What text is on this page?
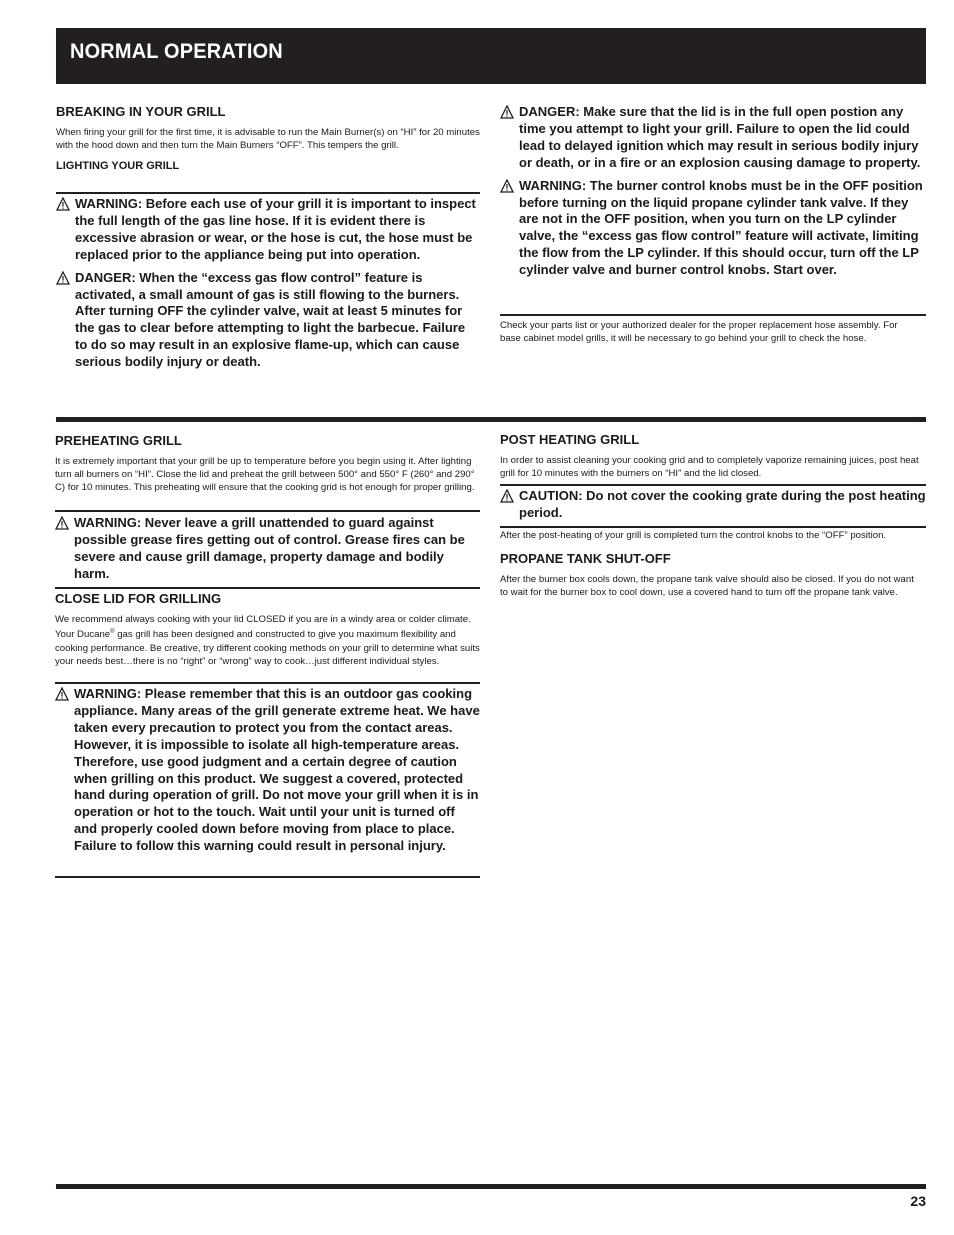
NORMAL OPERATION

BREAKING IN YOUR GRILL

When firing your grill for the first time, it is advisable to run the Main Burner(s) on “HI” for 20 minutes with the hood down and then turn the Main Burners “OFF”. This tempers the grill.

LIGHTING YOUR GRILL

WARNING: Before each use of your grill it is important to inspect the full length of the gas line hose. If it is evident there is excessive abrasion or wear, or the hose is cut, the hose must be replaced prior to the appliance being put into operation.
DANGER: When the “excess gas flow control” feature is activated, a small amount of gas is still flowing to the burners. After turning OFF the cylinder valve, wait at least 5 minutes for the gas to clear before attempting to light the barbecue. Failure to do so may result in an explosive flame-up, which can cause serious bodily injury or death.
DANGER: Make sure that the lid is in the full open postion any time you attempt to light your grill. Failure to open the lid could lead to delayed ignition which may result in serious bodily injury or death, or in a fire or an explosion causing damage to property.
WARNING: The burner control knobs must be in the OFF position before turning on the liquid propane cylinder tank valve. If they are not in the OFF position, when you turn on the LP cylinder valve, the “excess gas flow control” feature will activate, limiting the flow from the LP cylinder. If this should occur, turn off the LP cylinder valve and burner control knobs. Start over.

Check your parts list or your authorized dealer for the proper replacement hose assembly. For base cabinet model grills, it will be necessary to go behind your grill to check the hose.

PREHEATING GRILL

It is extremely important that your grill be up to temperature before you begin using it. After lighting turn all burners on “HI”. Close the lid and preheat the grill between 500° and 550° F (260° and 290° C) for 10 minutes. This preheating will ensure that the cooking grid is hot enough for proper grilling.

WARNING: Never leave a grill unattended to guard against possible grease fires getting out of control. Grease fires can be severe and cause grill damage, property damage and bodily harm.

CLOSE LID FOR GRILLING

We recommend always cooking with your lid CLOSED if you are in a windy area or colder climate. Your Ducane® gas grill has been designed and constructed to give you maximum flexibility and cooking performance. Be creative, try different cooking methods on your grill to determine what suits your needs best…there is no “right” or “wrong” way to cook…just different individual styles.

WARNING: Please remember that this is an outdoor gas cooking appliance. Many areas of the grill generate extreme heat. We have taken every precaution to protect you from the contact areas. However, it is impossible to isolate all high-temperature areas. Therefore, use good judgment and a certain degree of caution when grilling on this product. We suggest a covered, protected hand during operation of grill. Do not move your grill when it is in operation or hot to the touch. Wait until your unit is turned off and properly cooled down before moving from place to place. Failure to follow this warning could result in personal injury.

POST HEATING GRILL

In order to assist cleaning your cooking grid and to completely vaporize remaining juices, post heat grill for 10 minutes with the burners on “HI” and the lid closed.

CAUTION: Do not cover the cooking grate during the post heating period.

After the post-heating of your grill is completed turn the control knobs to the “OFF” position.

PROPANE TANK SHUT-OFF

After the burner box cools down, the propane tank valve should also be closed. If you do not want to wait for the burner box to cool down, use a covered hand to turn off the propane tank valve.

23
